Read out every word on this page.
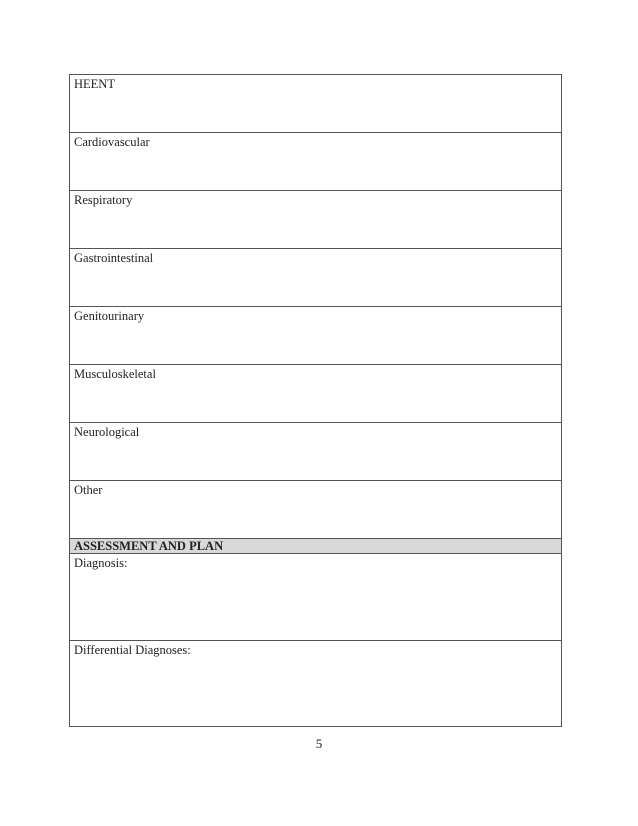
HEENT
Cardiovascular
Respiratory
Gastrointestinal
Genitourinary
Musculoskeletal
Neurological
Other
ASSESSMENT AND PLAN
Diagnosis:
Differential Diagnoses:
5
